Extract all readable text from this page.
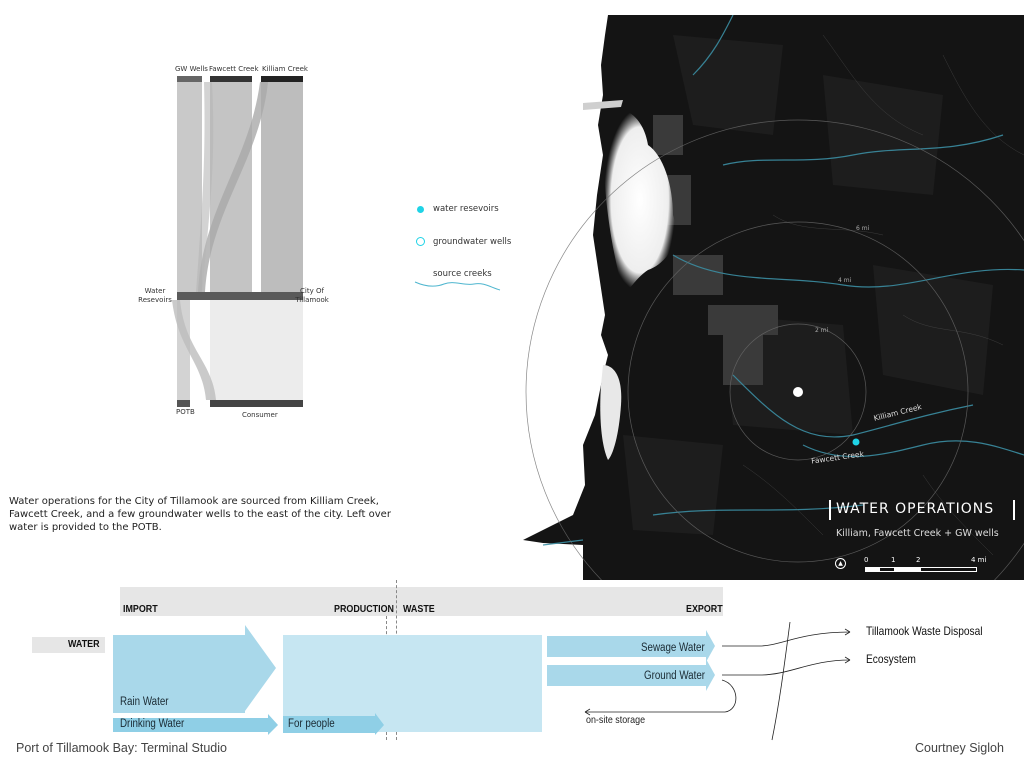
GW Wells Fawcett Creek Killiam Creek
Water Resevoirs
City Of Tillamook
POTB	Consumer
water resevoirs
groundwater wells
source creeks
Water operations for the City of Tillamook are sourced from Killiam Creek, Fawcett Creek, and a few groundwater wells to the east of the city. Left over water is provided to the POTB.
6 mi
4 mi
2 mi
Killiam Creek
Fawcett Creek
WATER OPERATIONS
Killiam, Fawcett Creek + GW wells
▲	0	1	2	4 mi
IMPORT	PRODUCTION WASTE	EXPORT
WATER
Rain Water
Drinking Water	For people
Sewage Water
Ground Water
on-site storage
Tillamook Waste Disposal
Ecosystem
Port of Tillamook Bay: Terminal Studio	Courtney Sigloh
